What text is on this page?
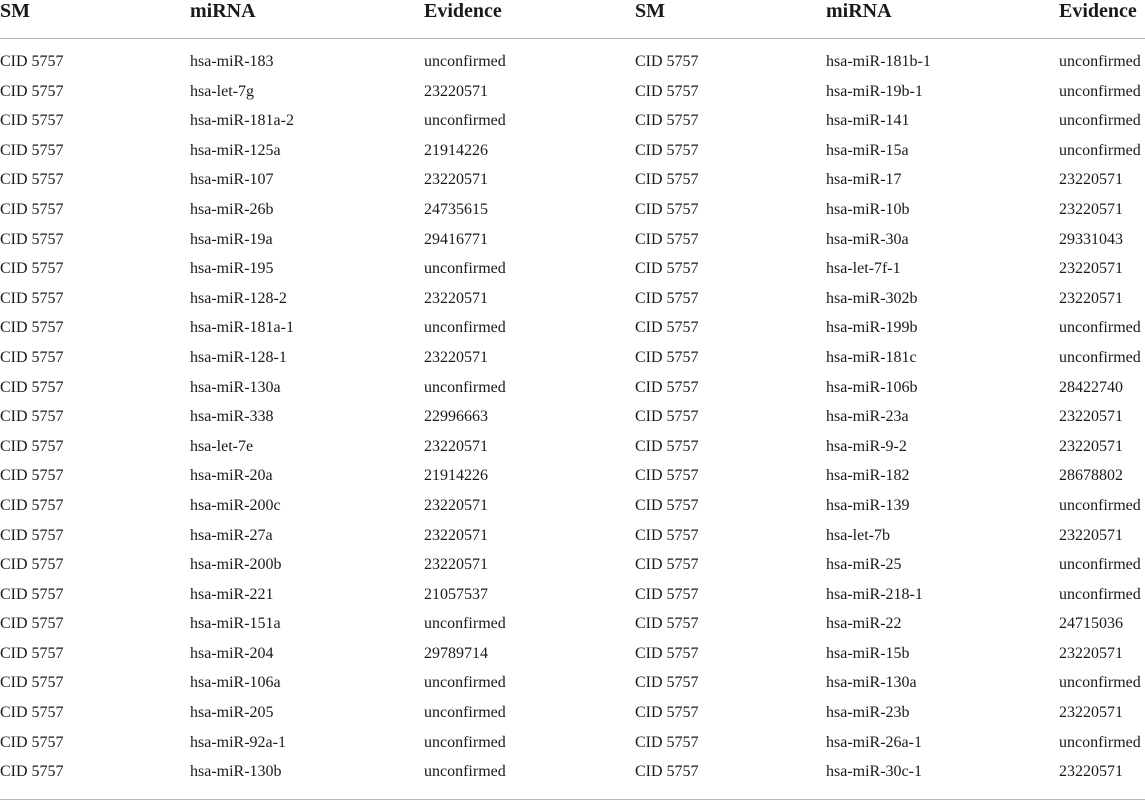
SM	miRNA	Evidence	SM	miRNA	Evidence
CID 5757	hsa-miR-183	unconfirmed	CID 5757	hsa-miR-181b-1	unconfirmed
CID 5757	hsa-let-7g	23220571	CID 5757	hsa-miR-19b-1	unconfirmed
CID 5757	hsa-miR-181a-2	unconfirmed	CID 5757	hsa-miR-141	unconfirmed
CID 5757	hsa-miR-125a	21914226	CID 5757	hsa-miR-15a	unconfirmed
CID 5757	hsa-miR-107	23220571	CID 5757	hsa-miR-17	23220571
CID 5757	hsa-miR-26b	24735615	CID 5757	hsa-miR-10b	23220571
CID 5757	hsa-miR-19a	29416771	CID 5757	hsa-miR-30a	29331043
CID 5757	hsa-miR-195	unconfirmed	CID 5757	hsa-let-7f-1	23220571
CID 5757	hsa-miR-128-2	23220571	CID 5757	hsa-miR-302b	23220571
CID 5757	hsa-miR-181a-1	unconfirmed	CID 5757	hsa-miR-199b	unconfirmed
CID 5757	hsa-miR-128-1	23220571	CID 5757	hsa-miR-181c	unconfirmed
CID 5757	hsa-miR-130a	unconfirmed	CID 5757	hsa-miR-106b	28422740
CID 5757	hsa-miR-338	22996663	CID 5757	hsa-miR-23a	23220571
CID 5757	hsa-let-7e	23220571	CID 5757	hsa-miR-9-2	23220571
CID 5757	hsa-miR-20a	21914226	CID 5757	hsa-miR-182	28678802
CID 5757	hsa-miR-200c	23220571	CID 5757	hsa-miR-139	unconfirmed
CID 5757	hsa-miR-27a	23220571	CID 5757	hsa-let-7b	23220571
CID 5757	hsa-miR-200b	23220571	CID 5757	hsa-miR-25	unconfirmed
CID 5757	hsa-miR-221	21057537	CID 5757	hsa-miR-218-1	unconfirmed
CID 5757	hsa-miR-151a	unconfirmed	CID 5757	hsa-miR-22	24715036
CID 5757	hsa-miR-204	29789714	CID 5757	hsa-miR-15b	23220571
CID 5757	hsa-miR-106a	unconfirmed	CID 5757	hsa-miR-130a	unconfirmed
CID 5757	hsa-miR-205	unconfirmed	CID 5757	hsa-miR-23b	23220571
CID 5757	hsa-miR-92a-1	unconfirmed	CID 5757	hsa-miR-26a-1	unconfirmed
CID 5757	hsa-miR-130b	unconfirmed	CID 5757	hsa-miR-30c-1	23220571
